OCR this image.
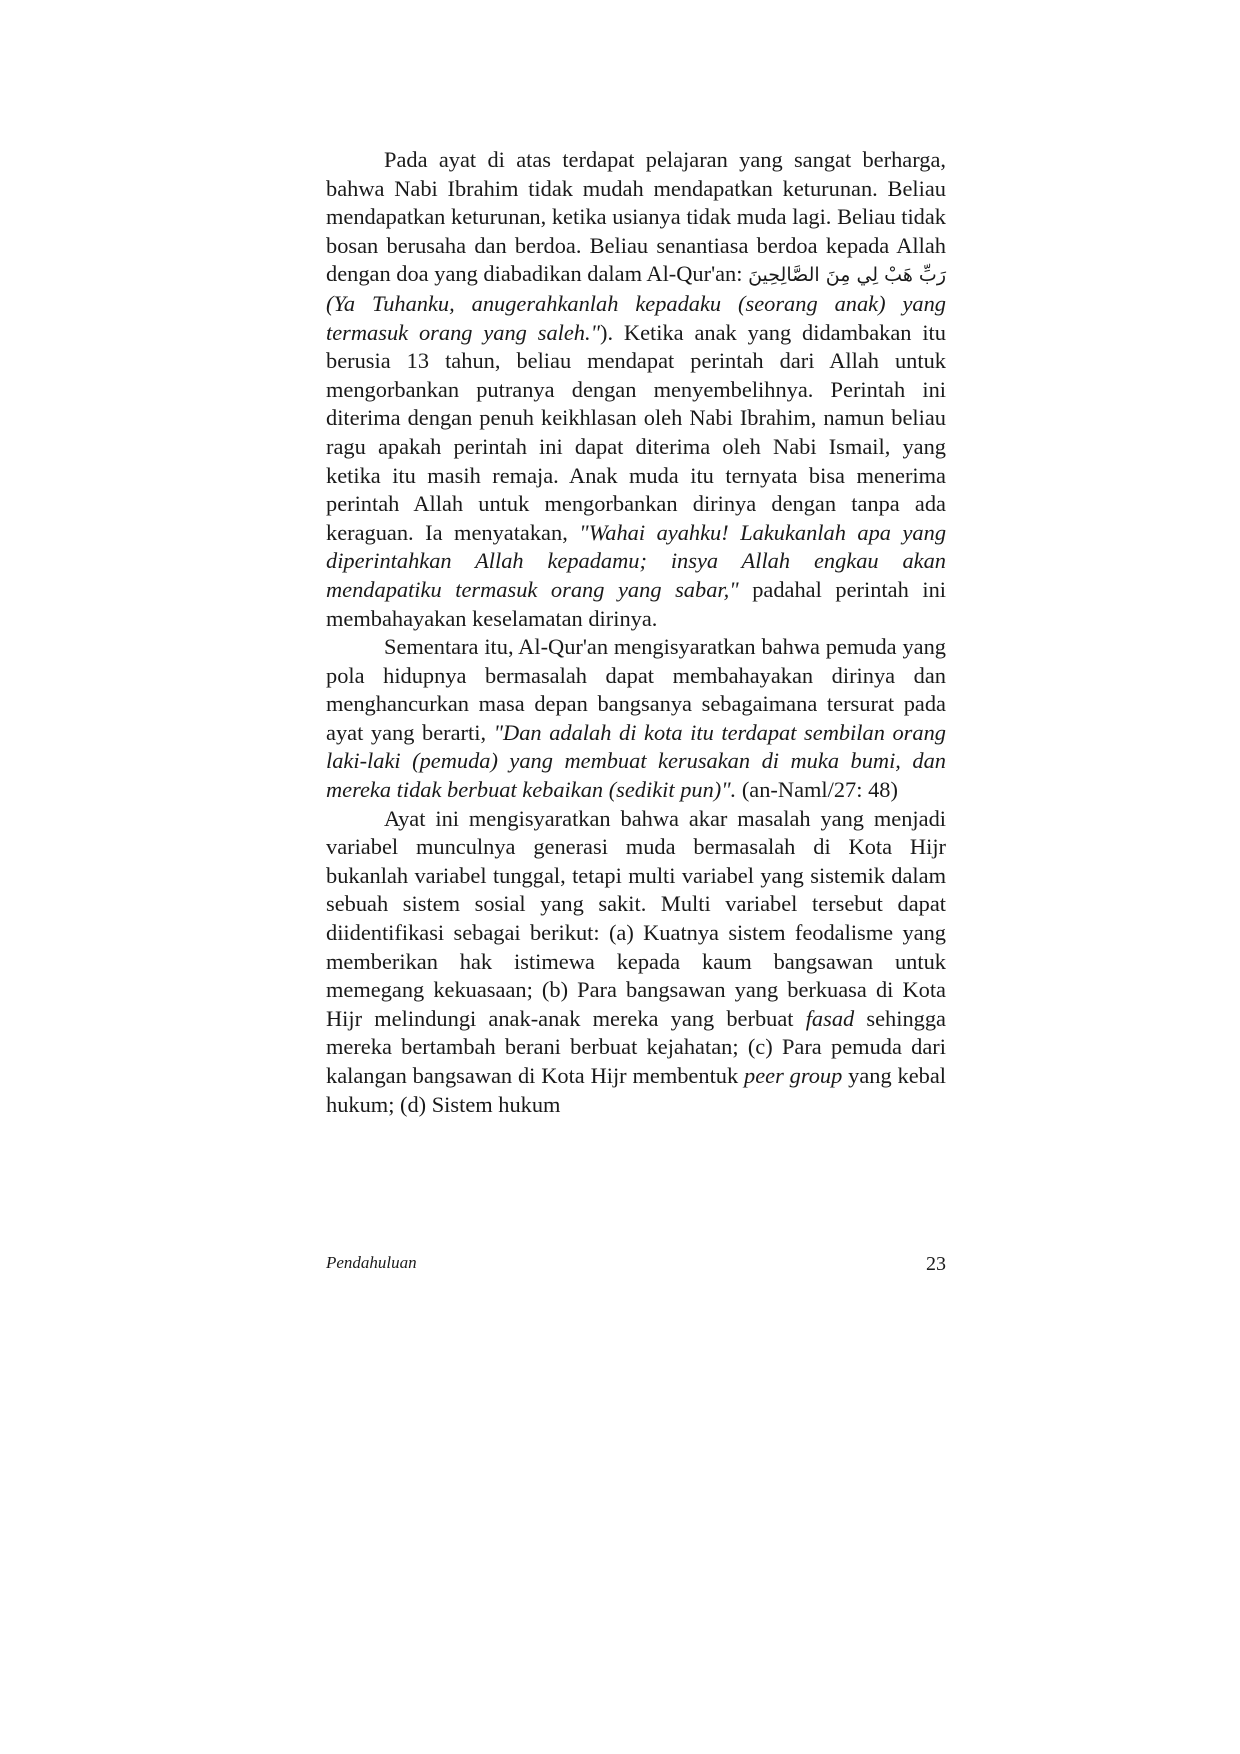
Pada ayat di atas terdapat pelajaran yang sangat berharga, bahwa Nabi Ibrahim tidak mudah mendapatkan keturunan. Beliau mendapatkan keturunan, ketika usianya tidak muda lagi. Beliau tidak bosan berusaha dan berdoa. Beliau senantiasa berdoa kepada Allah dengan doa yang diabadikan dalam Al-Qur'an: رَبِّ هَبْ لِي مِنَ الصَّالِحِينَ (Ya Tuhanku, anugerahkanlah kepadaku (seorang anak) yang termasuk orang yang saleh."). Ketika anak yang didambakan itu berusia 13 tahun, beliau mendapat perintah dari Allah untuk mengorbankan putranya dengan menyembelihnya. Perintah ini diterima dengan penuh keikhlasan oleh Nabi Ibrahim, namun beliau ragu apakah perintah ini dapat diterima oleh Nabi Ismail, yang ketika itu masih remaja. Anak muda itu ternyata bisa menerima perintah Allah untuk mengorbankan dirinya dengan tanpa ada keraguan. Ia menyatakan, "Wahai ayahku! Lakukanlah apa yang diperintahkan Allah kepadamu; insya Allah engkau akan mendapatiku termasuk orang yang sabar," padahal perintah ini membahayakan keselamatan dirinya.

Sementara itu, Al-Qur'an mengisyaratkan bahwa pemuda yang pola hidupnya bermasalah dapat membahayakan dirinya dan menghancurkan masa depan bangsanya sebagaimana tersurat pada ayat yang berarti, "Dan adalah di kota itu terdapat sembilan orang laki-laki (pemuda) yang membuat kerusakan di muka bumi, dan mereka tidak berbuat kebaikan (sedikit pun)". (an-Naml/27: 48)

Ayat ini mengisyaratkan bahwa akar masalah yang menjadi variabel munculnya generasi muda bermasalah di Kota Hijr bukanlah variabel tunggal, tetapi multi variabel yang sistemik dalam sebuah sistem sosial yang sakit. Multi variabel tersebut dapat diidentifikasi sebagai berikut: (a) Kuatnya sistem feodalisme yang memberikan hak istimewa kepada kaum bangsawan untuk memegang kekuasaan; (b) Para bangsawan yang berkuasa di Kota Hijr melindungi anak-anak mereka yang berbuat fasad sehingga mereka bertambah berani berbuat kejahatan; (c) Para pemuda dari kalangan bangsawan di Kota Hijr membentuk peer group yang kebal hukum; (d) Sistem hukum

Pendahuluan	23
